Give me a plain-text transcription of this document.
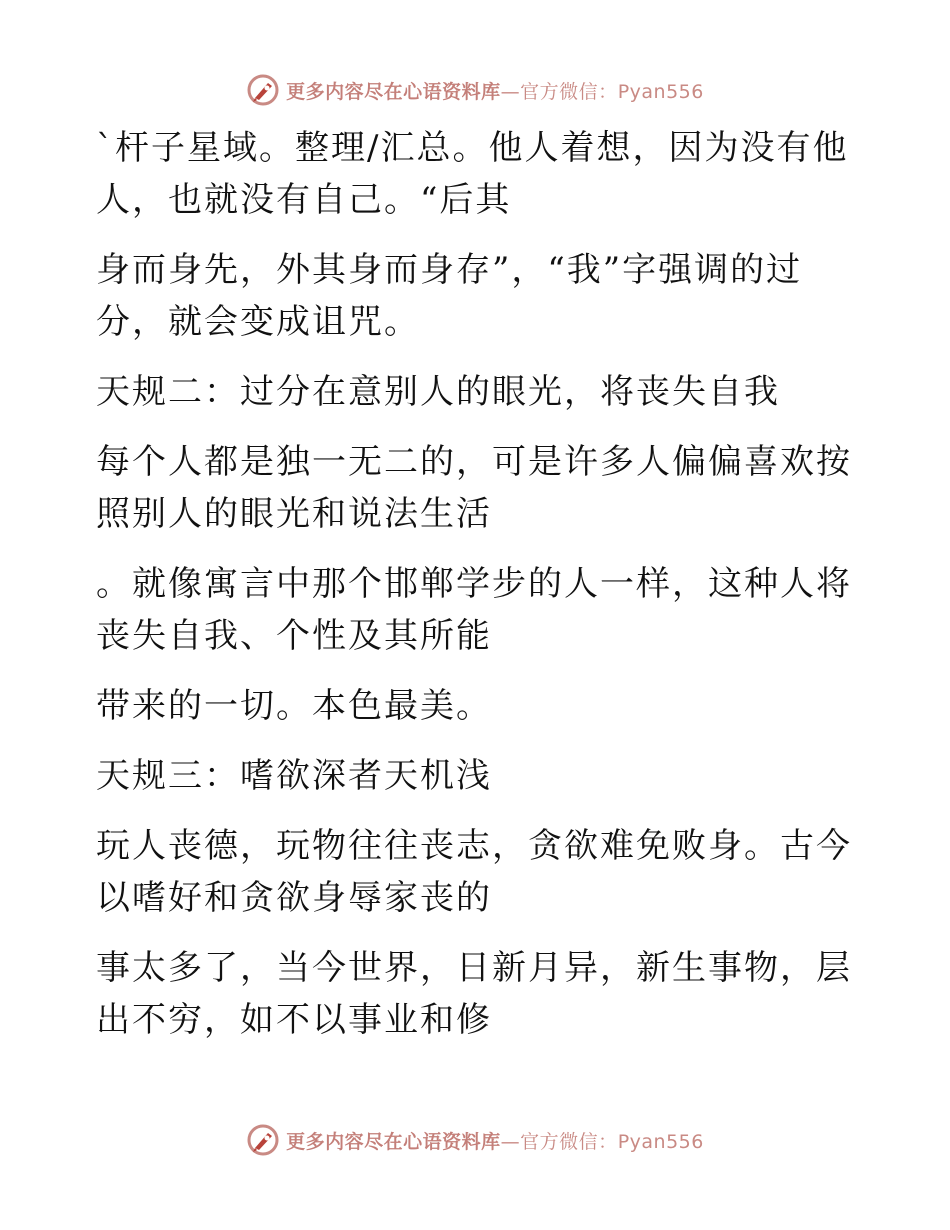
更多内容尽在心语资料库—官方微信：Pyan556

`杆子星域。整理/汇总。他人着想，因为没有他
人，也就没有自己。“后其

身而身先，外其身而身存”，“我”字强调的过
分，就会变成诅咒。

天规二：过分在意别人的眼光，将丧失自我

每个人都是独一无二的，可是许多人偏偏喜欢按
照别人的眼光和说法生活

。就像寓言中那个邯郸学步的人一样，这种人将
丧失自我、个性及其所能

带来的一切。本色最美。

天规三：嗜欲深者天机浅

玩人丧德，玩物往往丧志，贪欲难免败身。古今
以嗜好和贪欲身辱家丧的

事太多了，当今世界，日新月异，新生事物，层
出不穷，如不以事业和修

更多内容尽在心语资料库—官方微信：Pyan556
